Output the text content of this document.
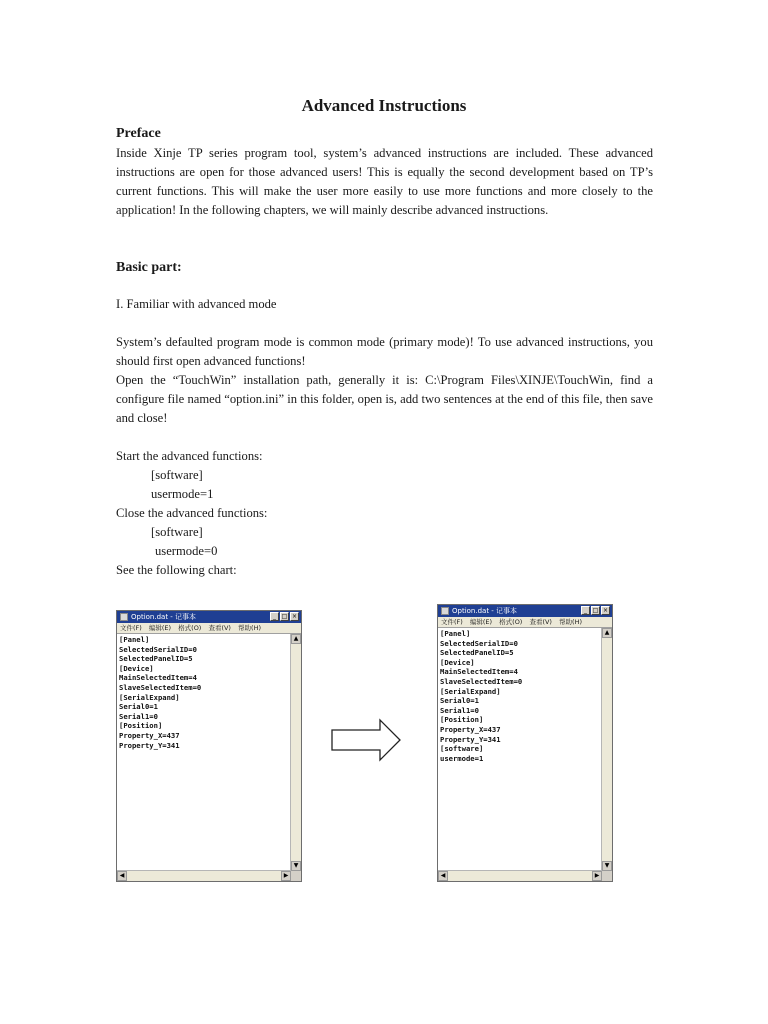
Advanced Instructions
Preface

Inside Xinje TP series program tool, system’s advanced instructions are included. These advanced instructions are open for those advanced users! This is equally the second development based on TP’s current functions. This will make the user more easily to use more functions and more closely to the application! In the following chapters, we will mainly describe advanced instructions.

Basic part:

I. Familiar with advanced mode

System’s defaulted program mode is common mode (primary mode)! To use advanced instructions, you should first open advanced functions!

Open the “TouchWin” installation path, generally it is: C:\Program Files\XINJE\TouchWin, find a configure file named “option.ini” in this folder, open is, add two sentences at the end of this file, then save and close!

Start the advanced functions:

[software]

usermode=1

Close the advanced functions:

[software]

usermode=0

See the following chart:

Option.dat - 记事本	_ □ ×
文件(F) 编辑(E) 格式(O) 查看(V) 帮助(H)
[Panel]
SelectedSerialID=0
SelectedPanelID=5
[Device]
MainSelectedItem=4
SlaveSelectedItem=0
[SerialExpand]
Serial0=1
Serial1=0
[Position]
Property_X=437
Property_Y=341
▲
▼
◀	▶
Option.dat - 记事本	_ □ ×
文件(F) 编辑(E) 格式(O) 查看(V) 帮助(H)
[Panel]
SelectedSerialID=0
SelectedPanelID=5
[Device]
MainSelectedItem=4
SlaveSelectedItem=0
[SerialExpand]
Serial0=1
Serial1=0
[Position]
Property_X=437
Property_Y=341
[software]
usermode=1
▲
▼
◀	▶
